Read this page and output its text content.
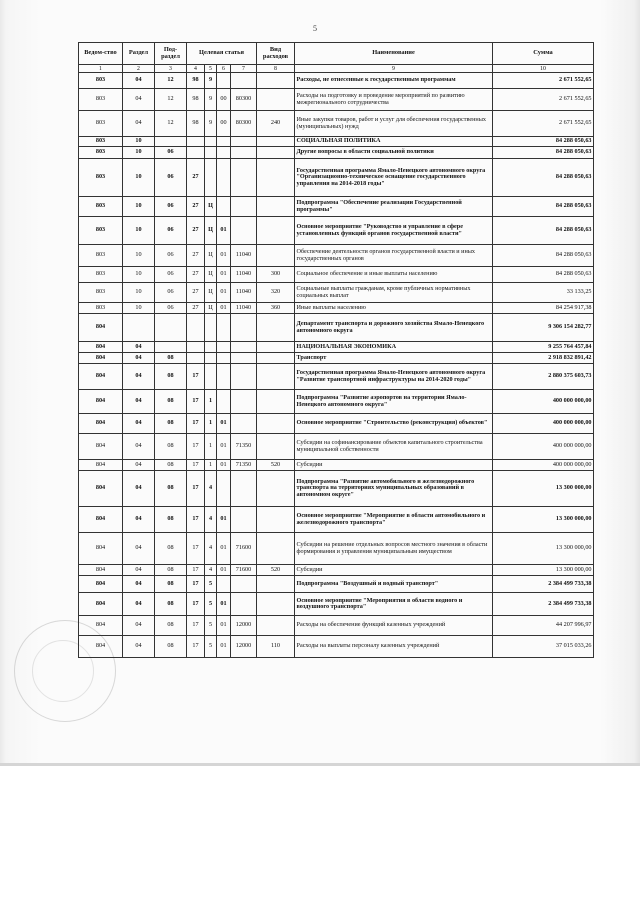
5
Ведом-ство	Раздел	Под-раздел	Целевая статья				Вид расходов	Наименование	Сумма
1	2	3	4	5	6	7	8	9	10
803	04	12	98	9				Расходы, не отнесенные к государственным программам	2 671 552,65
803	04	12	98	9	00	80300		Расходы на подготовку и проведение мероприятий по развитию межрегионального сотрудничества	2 671 552,65
803	04	12	98	9	00	80300	240	Иные закупки товаров, работ и услуг для обеспечения государственных (муниципальных) нужд	2 671 552,65
803	10							СОЦИАЛЬНАЯ ПОЛИТИКА	84 288 050,63
803	10	06						Другие вопросы в области социальной политики	84 288 050,63
803	10	06	27					Государственная программа Ямало-Ненецкого автономного округа "Организационно-техническое оснащение государственного управления на 2014-2018 годы"	84 288 050,63
803	10	06	27	Ц				Подпрограмма "Обеспечение реализации Государственной программы"	84 288 050,63
803	10	06	27	Ц	01			Основное мероприятие "Руководство и управление в сфере установленных функций органов государственной власти"	84 288 050,63
803	10	06	27	Ц	01	11040		Обеспечение деятельности органов государственной власти и иных государственных органов	84 288 050,63
803	10	06	27	Ц	01	11040	300	Социальное обеспечение и иные выплаты населению	84 288 050,63
803	10	06	27	Ц	01	11040	320	Социальные выплаты гражданам, кроме публичных нормативных социальных выплат	33 133,25
803	10	06	27	Ц	01	11040	360	Иные выплаты населению	84 254 917,38
804								Департамент транспорта и дорожного хозяйства Ямало-Ненецкого автономного округа	9 306 154 282,77
804	04							НАЦИОНАЛЬНАЯ ЭКОНОМИКА	9 255 764 457,84
804	04	08						Транспорт	2 918 832 891,42
804	04	08	17					Государственная программа Ямало-Ненецкого автономного округа "Развитие транспортной инфраструктуры на 2014-2020 годы"	2 880 375 603,73
804	04	08	17	1				Подпрограмма "Развитие аэропортов на территории Ямало-Ненецкого автономного округа"	400 000 000,00
804	04	08	17	1	01			Основное мероприятие "Строительство (реконструкция) объектов"	400 000 000,00
804	04	08	17	1	01	71350		Субсидии на софинансирование объектов капитального строительства муниципальной собственности	400 000 000,00
804	04	08	17	1	01	71350	520	Субсидии	400 000 000,00
804	04	08	17	4				Подпрограмма "Развитие автомобильного и железнодорожного транспорта на территориях муниципальных образований в автономном округе"	13 300 000,00
804	04	08	17	4	01			Основное мероприятие "Мероприятие в области автомобильного и железнодорожного транспорта"	13 300 000,00
804	04	08	17	4	01	71600		Субсидии на решение отдельных вопросов местного значения в области формирования и управления муниципальным имуществом	13 300 000,00
804	04	08	17	4	01	71600	520	Субсидии	13 300 000,00
804	04	08	17	5				Подпрограмма "Воздушный и водный транспорт"	2 384 499 733,38
804	04	08	17	5	01			Основное мероприятие "Мероприятия в области водного и воздушного транспорта"	2 384 499 733,38
804	04	08	17	5	01	12000		Расходы на обеспечение функций казенных учреждений	44 207 996,97
804	04	08	17	5	01	12000	110	Расходы на выплаты персоналу казенных учреждений	37 015 033,26
